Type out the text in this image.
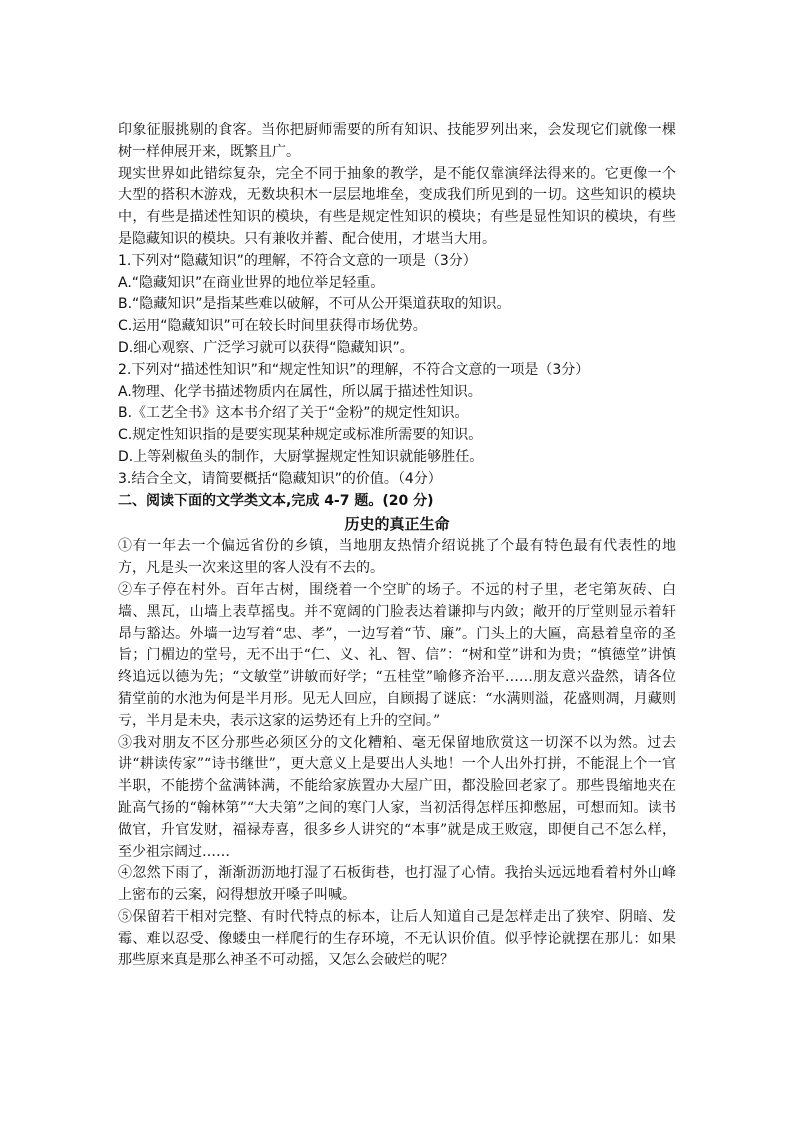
印象征服挑剔的食客。当你把厨师需要的所有知识、技能罗列出来，会发现它们就像一棵树一样伸展开来，既繁且广。

现实世界如此错综复杂，完全不同于抽象的教学，是不能仅靠演绎法得来的。它更像一个大型的搭积木游戏，无数块积木一层层地堆垒，变成我们所见到的一切。这些知识的模块中，有些是描述性知识的模块，有些是规定性知识的模块；有些是显性知识的模块，有些是隐藏知识的模块。只有兼收并蓄、配合使用，才堪当大用。

1.下列对“隐藏知识”的理解，不符合文意的一项是（3分）

A.“隐藏知识”在商业世界的地位举足轻重。

B.“隐藏知识”是指某些难以破解，不可从公开渠道获取的知识。

C.运用“隐藏知识”可在较长时间里获得市场优势。

D.细心观察、广泛学习就可以获得“隐藏知识”。

2.下列对“描述性知识”和“规定性知识”的理解，不符合文意的一项是（3分）

A.物理、化学书描述物质内在属性，所以属于描述性知识。

B.《工艺全书》这本书介绍了关于“金粉”的规定性知识。

C.规定性知识指的是要实现某种规定或标准所需要的知识。

D.上等剁椒鱼头的制作，大厨掌握规定性知识就能够胜任。

3.结合全文，请简要概括“隐藏知识”的价值。（4分）

二、阅读下面的文学类文本,完成 4-7 题。(20 分)

历史的真正生命

①有一年去一个偏远省份的乡镇，当地朋友热情介绍说挑了个最有特色最有代表性的地方，凡是头一次来这里的客人没有不去的。

②车子停在村外。百年古树，围绕着一个空旷的场子。不远的村子里，老宅第灰砖、白墙、黑瓦，山墙上表草摇曳。并不宽阔的门脸表达着谦抑与内敛；敞开的厅堂则显示着轩昂与豁达。外墙一边写着“忠、孝”，一边写着“节、廉”。门头上的大匾，高悬着皇帝的圣旨；门楣边的堂号，无不出于“仁、义、礼、智、信”：“树和堂”讲和为贵；“慎德堂”讲慎终追远以德为先；“文敏堂”讲敏而好学；“五桂堂”喻修齐治平……朋友意兴盎然，请各位猜堂前的水池为何是半月形。见无人回应，自顾揭了谜底：“水满则溢，花盛则凋，月藏则亏，半月是未央，表示这家的运势还有上升的空间。”

③我对朋友不区分那些必须区分的文化糟粕、毫无保留地欣赏这一切深不以为然。过去讲“耕读传家”“诗书继世”，更大意义上是要出人头地！一个人出外打拼，不能混上个一官半职，不能捞个盆满钵满，不能给家族置办大屋广田，都没脸回老家了。那些畏缩地夹在趾高气扬的“翰林第”“大夫第”之间的寒门人家，当初活得怎样压抑憋屈，可想而知。读书做官，升官发财，福禄寿喜，很多乡人讲究的“本事”就是成王败寇，即便自己不怎么样，至少祖宗阔过……

④忽然下雨了，渐渐沥沥地打湿了石板街巷，也打湿了心情。我抬头远远地看着村外山峰上密布的云案，闷得想放开嗓子叫喊。

⑤保留若干相对完整、有时代特点的标本，让后人知道自己是怎样走出了狭窄、阴暗、发霉、难以忍受、像蝼虫一样爬行的生存环境，不无认识价值。似乎悖论就摆在那儿：如果那些原来真是那么神圣不可动摇，又怎么会破烂的呢？
